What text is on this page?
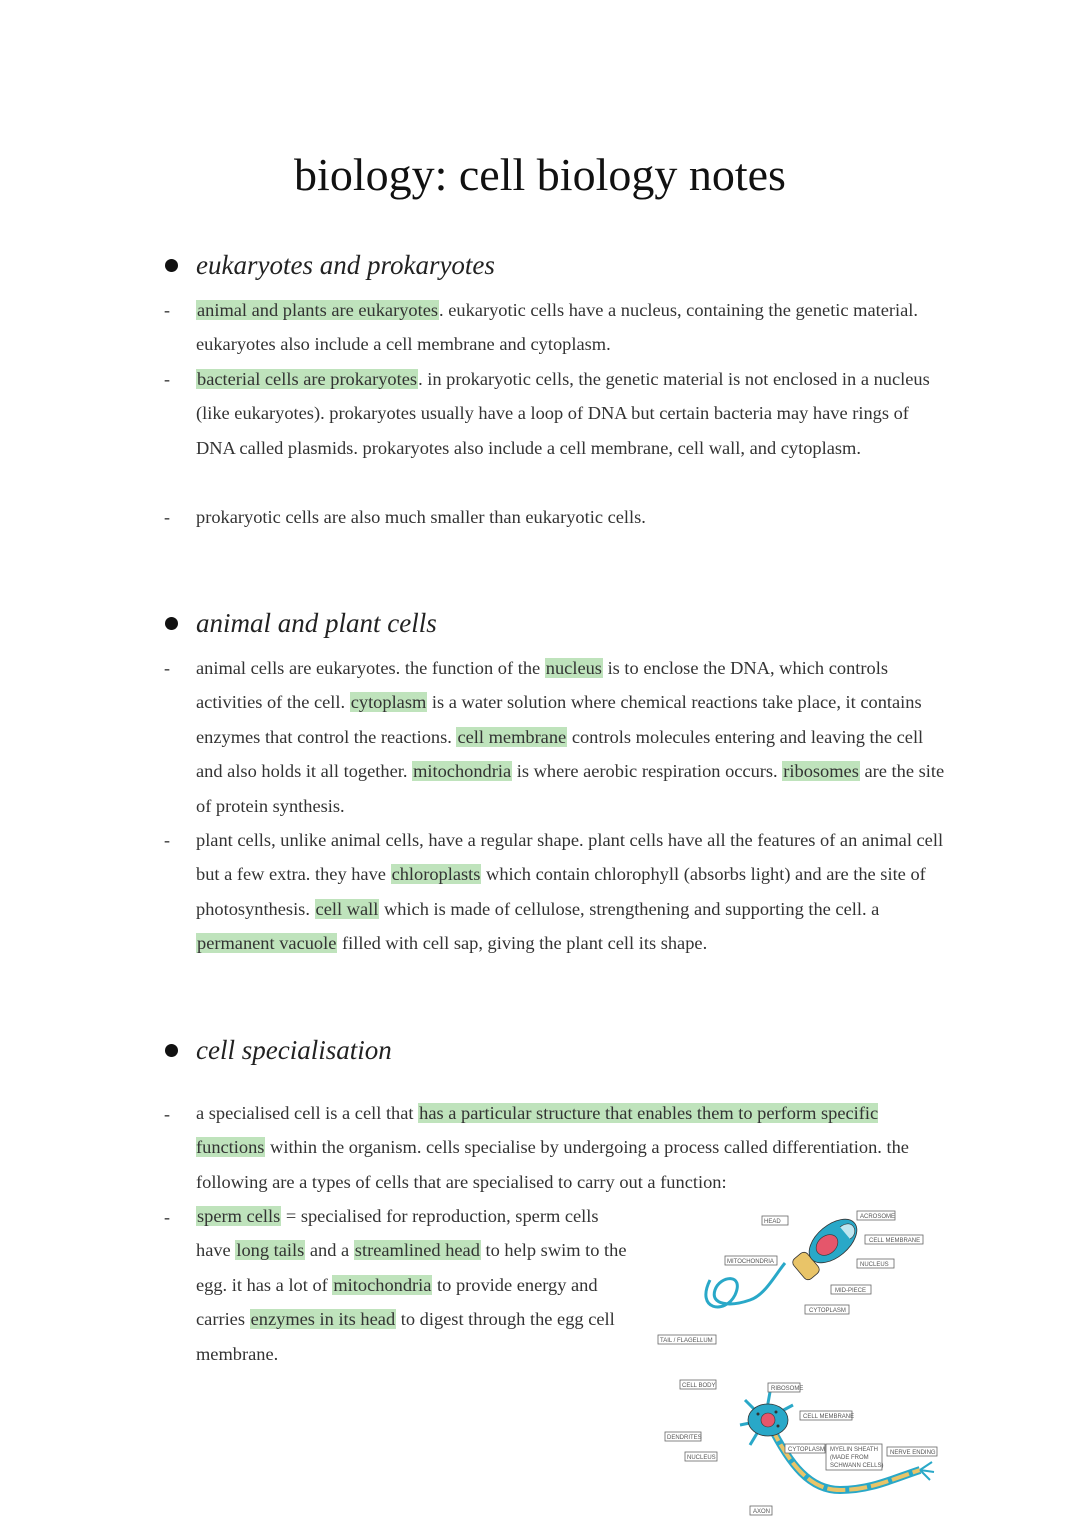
biology: cell biology notes
eukaryotes and prokaryotes
- animal and plants are eukaryotes. eukaryotic cells have a nucleus, containing the genetic material. eukaryotes also include a cell membrane and cytoplasm.

- bacterial cells are prokaryotes. in prokaryotic cells, the genetic material is not enclosed in a nucleus (like eukaryotes). prokaryotes usually have a loop of DNA but certain bacteria may have rings of DNA called plasmids. prokaryotes also include a cell membrane, cell wall, and cytoplasm.

- prokaryotic cells are also much smaller than eukaryotic cells.

animal and plant cells
- animal cells are eukaryotes. the function of the nucleus is to enclose the DNA, which controls activities of the cell. cytoplasm is a water solution where chemical reactions take place, it contains enzymes that control the reactions. cell membrane controls molecules entering and leaving the cell and also holds it all together. mitochondria is where aerobic respiration occurs. ribosomes are the site of protein synthesis.

- plant cells, unlike animal cells, have a regular shape. plant cells have all the features of an animal cell but a few extra. they have chloroplasts which contain chlorophyll (absorbs light) and are the site of photosynthesis. cell wall which is made of cellulose, strengthening and supporting the cell. a permanent vacuole filled with cell sap, giving the plant cell its shape.

cell specialisation
- a specialised cell is a cell that has a particular structure that enables them to perform specific functions within the organism. cells specialise by undergoing a process called differentiation. the following are a types of cells that are specialised to carry out a function:

- sperm cells = specialised for reproduction, sperm cells have long tails and a streamlined head to help swim to the egg. it has a lot of mitochondria to provide energy and carries enzymes in its head to digest through the egg cell membrane.

HEAD
ACROSOME
CELL MEMBRANE
NUCLEUS
MITOCHONDRIA
MID-PIECE
CYTOPLASM
TAIL / FLAGELLUM
CELL BODY	RIBOSOME
CELL MEMBRANE
DENDRITES
NUCLEUS
CYTOPLASM MYELIN SHEATH
(MADE FROM
SCHWANN CELLS)
NERVE ENDING
AXON
